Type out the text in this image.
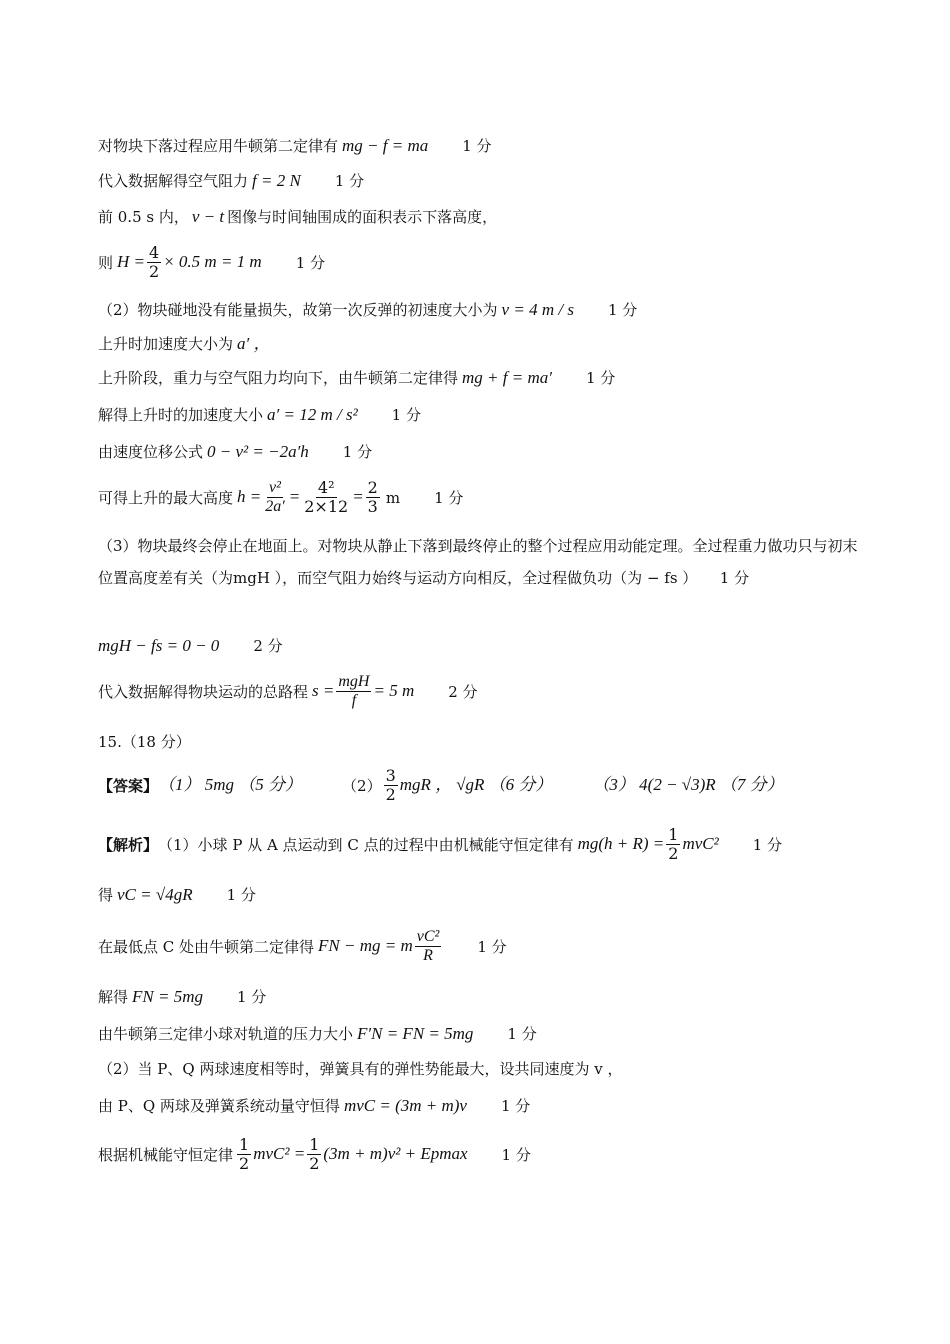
对物块下落过程应用牛顿第二定律有 mg − f = ma 1 分
代入数据解得空气阻力 f = 2 N 1 分
前 0.5 s 内， v − t 图像与时间轴围成的面积表示下落高度，
则 $H = \frac{4}{2} \times 0.5$ m = 1 m 1 分
（2）物块碰地没有能量损失，故第一次反弹的初速度大小为 v = 4 m / s 1 分
上升时加速度大小为 a′ ，
上升阶段，重力与空气阻力均向下，由牛顿第二定律得 mg + f = ma′ 1 分
解得上升时的加速度大小 a′ = 12 m / s² 1 分
由速度位移公式 0 − v² = −2a′h 1 分
可得上升的最大高度 $h = \frac{\text{v²}}{2a'} = \frac{\text{4²}}{2\times 12} = \frac{2}{3}$ m 1 分
（3）物块最终会停止在地面上。对物块从静止下落到最终停止的整个过程应用动能定理。全过程重力做功只与初末位置高度差有关（为mgH ），而空气阻力始终与运动方向相反，全过程做负功（为 − fs ）　　1 分
mgH − fs = 0 − 0 2 分
代入数据解得物块运动的总路程 $s = \frac{\text{mgH}}{f} = 5$ m 2 分
15.（18 分）
【答案】 （1） 5mg （5 分）	$(2) \frac{3}{2}$ mgR ， √gR （6 分） （3） 4(2 − √3)R （7 分）
【解析】 （1）小球 P 从 A 点运动到 C 点的过程中由机械能守恒定律有 $mg(h + R) = \frac{1}{2} mvC^2$ 1 分
得 vC = √4gR 1 分
在最低点 C 处由牛顿第二定律得 FN − mg = m $\frac{\text{vC²}}{R} 1$ 分
解得 FN = 5mg 1 分
由牛顿第三定律小球对轨道的压力大小 F′N = FN = 5mg 1 分
（2）当 P、Q 两球速度相等时，弹簧具有的弹性势能最大，设共同速度为 v ，
由 P、Q 两球及弹簧系统动量守恒得 mvC = (3m + m)v 1 分
根据机械能守恒定律 $\frac{1}{2} mvC^2 = \frac{1}{2} (3m + m)v^2 + Epmax$ 1 分
